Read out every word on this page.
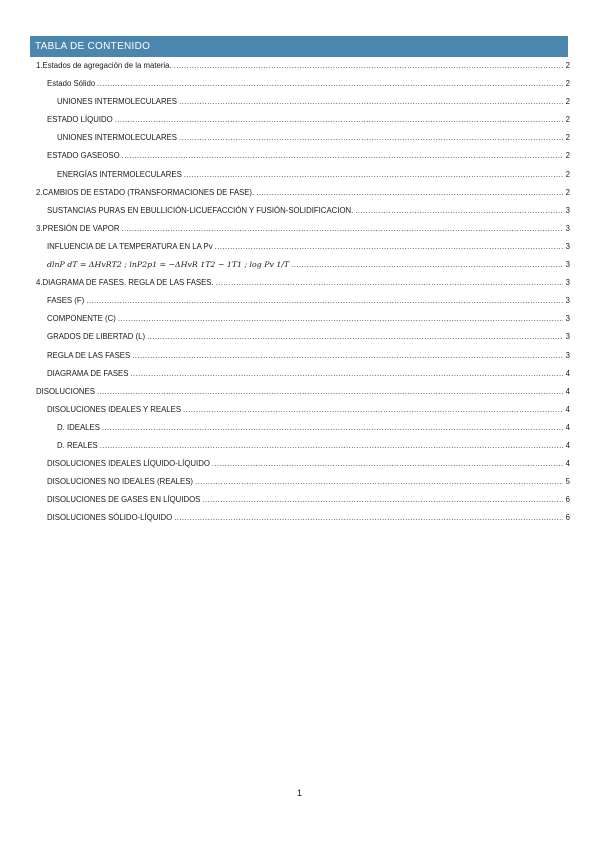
TABLA DE CONTENIDO
1.Estados de agregación de la materia. .....	2
Estado Sólido .....	2
UNIONES INTERMOLECULARES .....	2
ESTADO LÍQUIDO .....	2
UNIONES INTERMOLECULARES .....	2
ESTADO GASEOSO .....	2
ENERGÍAS INTERMOLECULARES .....	2
2.CAMBIOS DE ESTADO (TRANSFORMACIONES DE FASE). .....	2
SUSTANCIAS PURAS EN EBULLICIÓN-LICUEFACCIÓN Y FUSIÓN-SOLIDIFICACION. .....	3
3.PRESIÓN DE VAPOR .....	3
INFLUENCIA DE LA TEMPERATURA EN LA Pv .....	3
𝑑𝑙𝑛𝑃 𝑑𝑇 = 𝛥𝐻𝑣𝑅𝑇2 ; 𝑙𝑛𝑃2𝑝1 = −𝛥𝐻𝑣𝑅 1𝑇2 − 1𝑇1 ; log Pv 1/T .....	3
4.DIAGRAMA DE FASES. REGLA DE LAS FASES. .....	3
FASES (F) .....	3
COMPONENTE (C) .....	3
GRADOS DE LIBERTAD (L) .....	3
REGLA DE LAS FASES .....	3
DIAGRAMA DE FASES .....	4
DISOLUCIONES .....	4
DISOLUCIONES IDEALES Y REALES .....	4
D. IDEALES .....	4
D. REALES .....	4
DISOLUCIONES IDEALES LÍQUIDO-LÍQUIDO .....	4
DISOLUCIONES NO IDEALES (REALES) .....	5
DISOLUCIONES DE GASES EN LÍQUIDOS .....	6
DISOLUCIONES SÓLIDO-LÍQUIDO .....	6
1
